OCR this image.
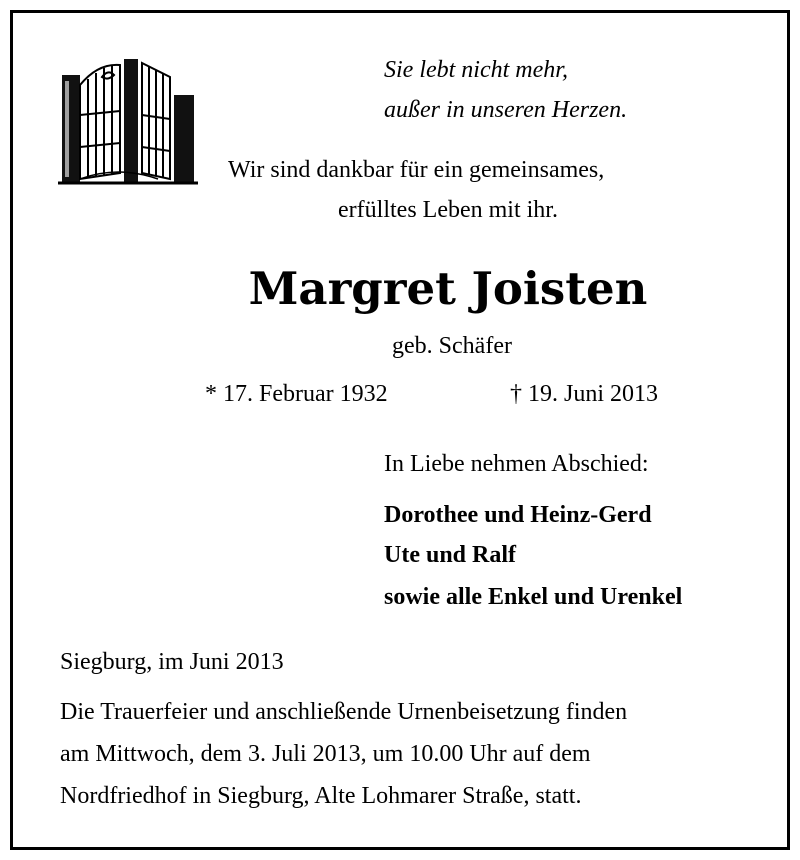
Sie lebt nicht mehr,
außer in unseren Herzen.
Wir sind dankbar für ein gemeinsames,
erfülltes Leben mit ihr.
Margret Joisten
geb. Schäfer
* 17. Februar 1932	† 19. Juni 2013
In Liebe nehmen Abschied:
Dorothee und Heinz-Gerd
Ute und Ralf
sowie alle Enkel und Urenkel
Siegburg, im Juni 2013
Die Trauerfeier und anschließende Urnenbeisetzung finden
am Mittwoch, dem 3. Juli 2013, um 10.00 Uhr auf dem
Nordfriedhof in Siegburg, Alte Lohmarer Straße, statt.
